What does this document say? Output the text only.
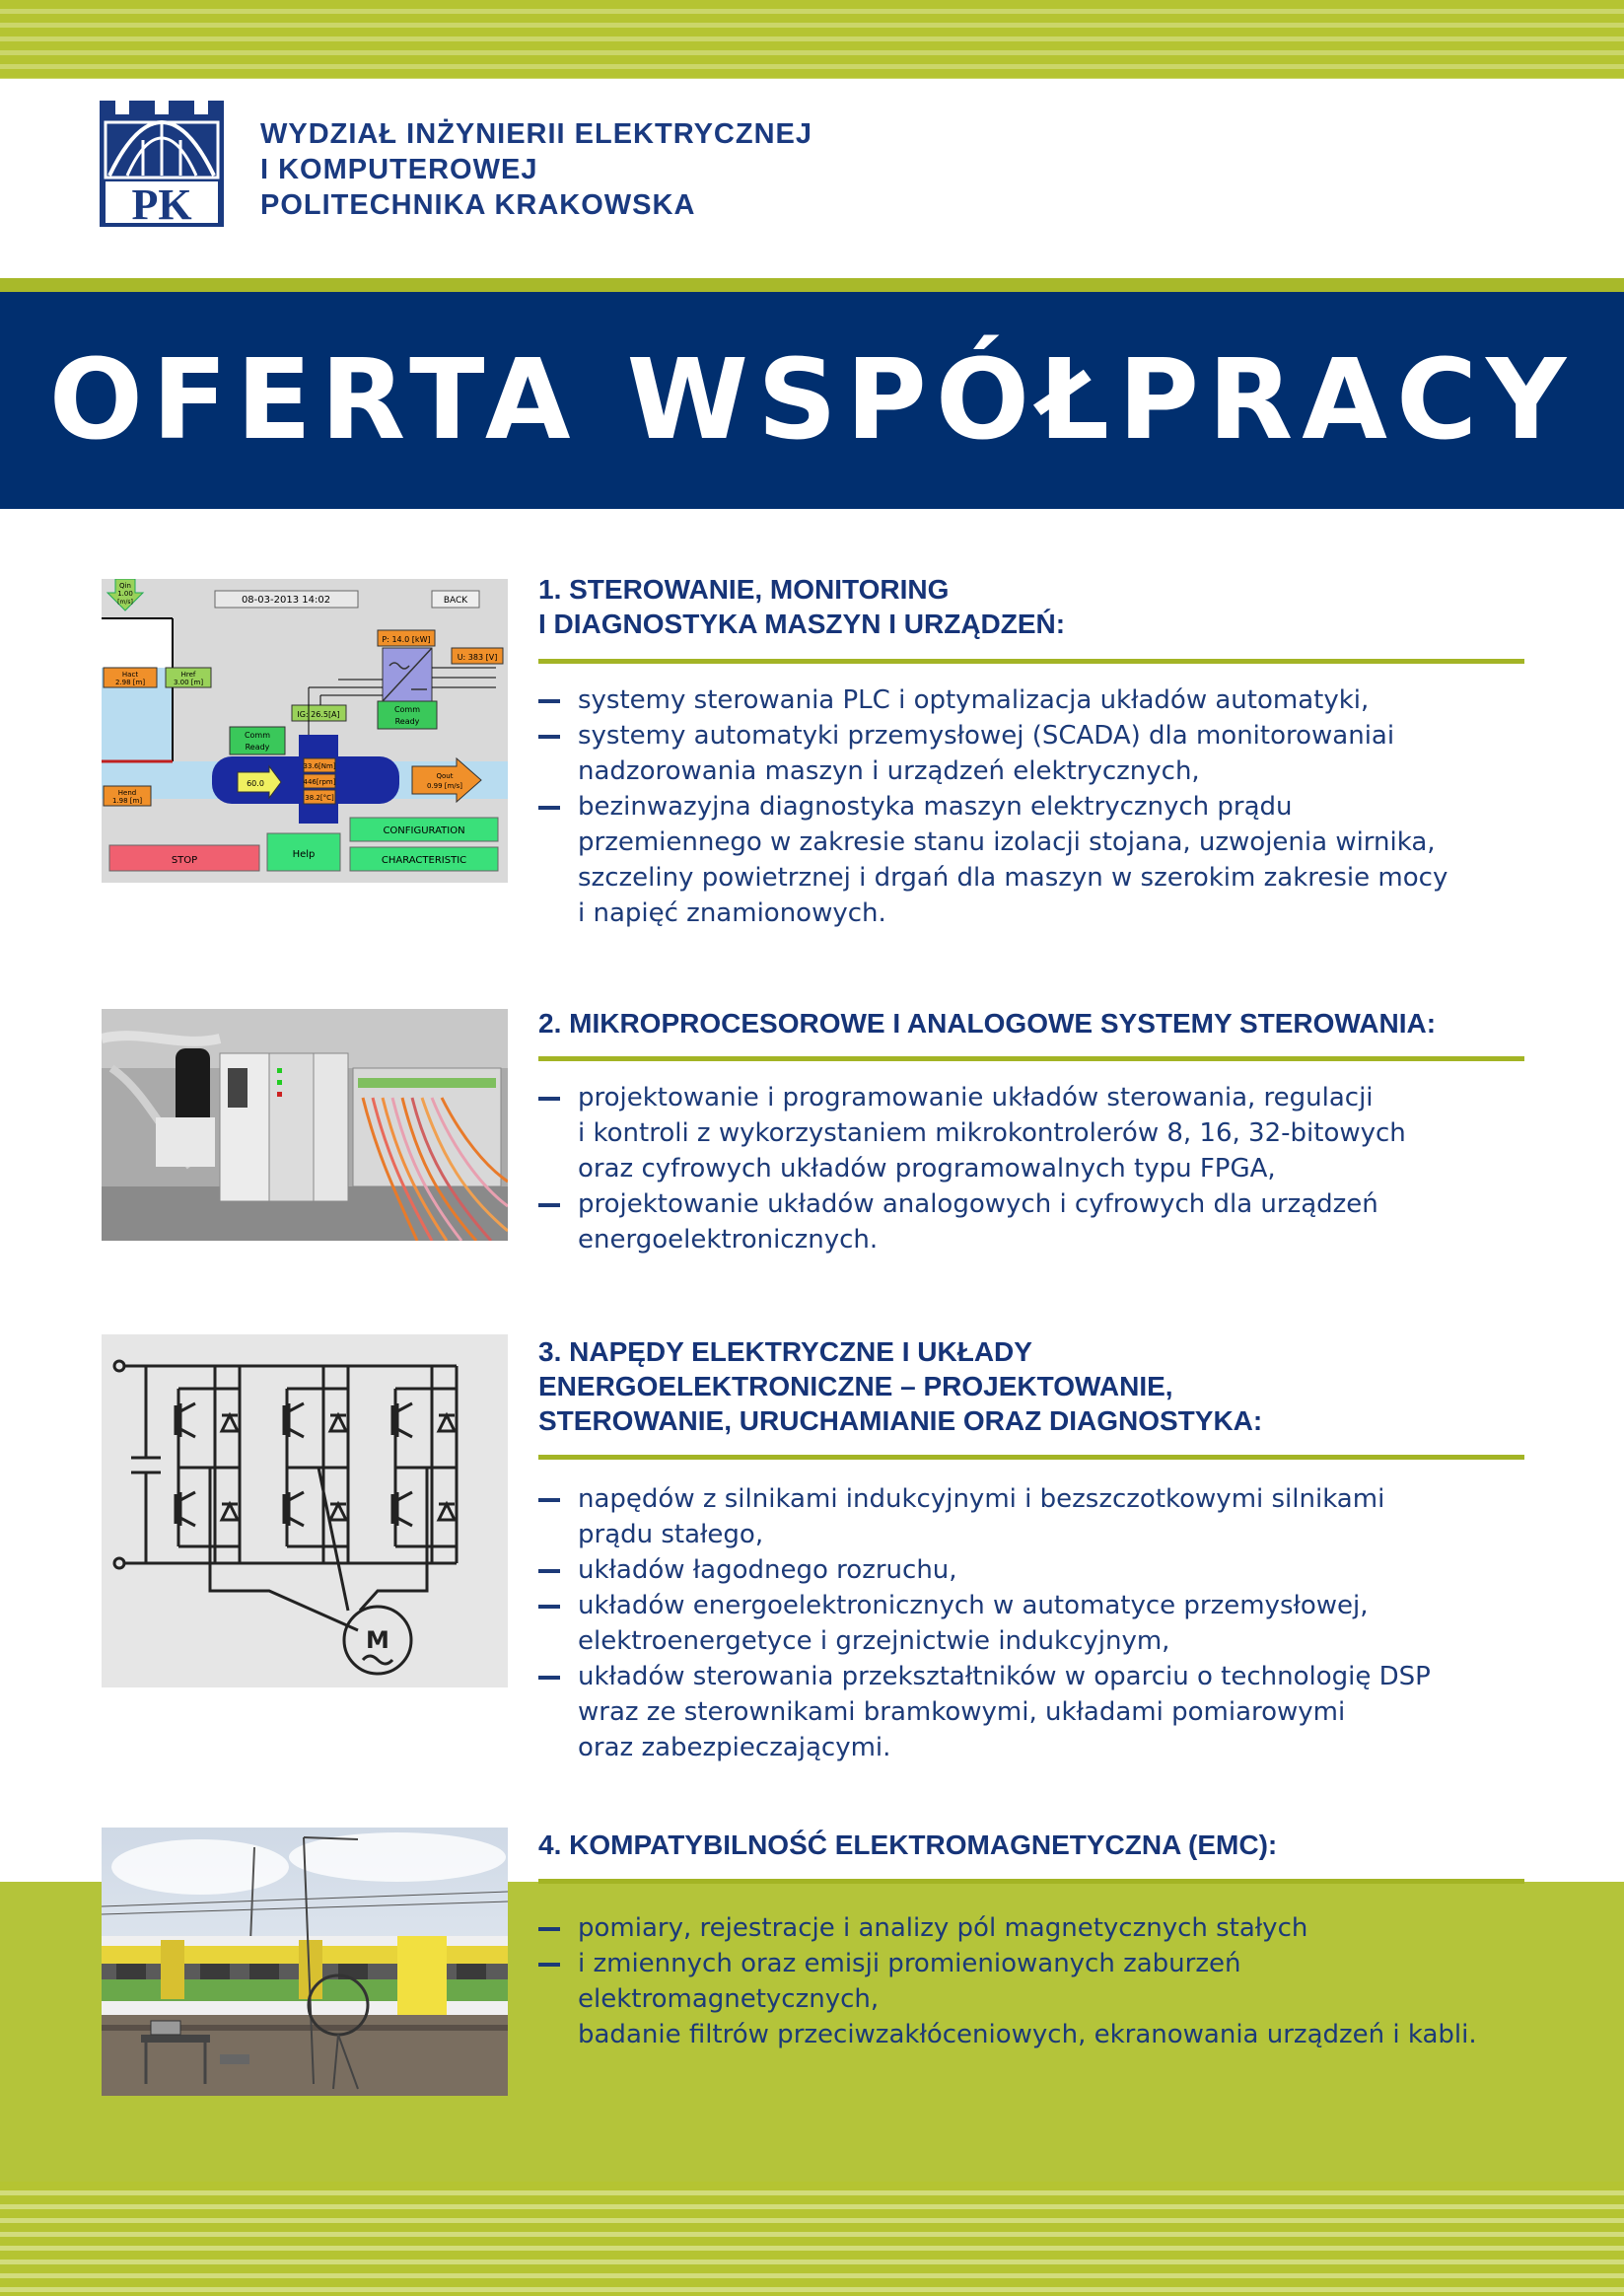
PK
WYDZIAŁ INŻYNIERII ELEKTRYCZNEJ
I KOMPUTEROWEJ
POLITECHNIKA KRAKOWSKA
OFERTA WSPÓŁPRACY
Qin
1.00
[m/s]	08-03-2013 14:02	BACK
Hact
2.98 [m]
Href
3.00 [m]
Hend
1.98 [m]
33.6[Nm]
446[rpm]
38.2[°C]
60.0
Comm
Ready
IG: 26.5[A]
P: 14.0 [kW]
U: 383 [V]
Comm
Ready
Qout
0.99 [m/s]
STOP
Help
CONFIGURATION
CHARACTERISTIC
1. STEROWANIE, MONITORING
I DIAGNOSTYKA MASZYN I URZĄDZEŃ:
systemy sterowania PLC i optymalizacja układów automatyki,
systemy automatyki przemysłowej (SCADA) dla monitorowaniai
nadzorowania maszyn i urządzeń elektrycznych,
bezinwazyjna diagnostyka maszyn elektrycznych prądu
przemiennego w zakresie stanu izolacji stojana, uzwojenia wirnika,
szczeliny powietrznej i drgań dla maszyn w szerokim zakresie mocy
i napięć znamionowych.
2. MIKROPROCESOROWE I ANALOGOWE SYSTEMY STEROWANIA:
projektowanie i programowanie układów sterowania, regulacji
i kontroli z wykorzystaniem mikrokontrolerów 8, 16, 32-bitowych
oraz cyfrowych układów programowalnych typu FPGA,
projektowanie układów analogowych i cyfrowych dla urządzeń
energoelektronicznych.
M
3. NAPĘDY ELEKTRYCZNE I UKŁADY
ENERGOELEKTRONICZNE – PROJEKTOWANIE,
STEROWANIE, URUCHAMIANIE ORAZ DIAGNOSTYKA:
napędów z silnikami indukcyjnymi i bezszczotkowymi silnikami
prądu stałego,
układów łagodnego rozruchu,
układów energoelektronicznych w automatyce przemysłowej,
elektroenergetyce i grzejnictwie indukcyjnym,
układów sterowania przekształtników w oparciu o technologię DSP
wraz ze sterownikami bramkowymi, układami pomiarowymi
oraz zabezpieczającymi.
4. KOMPATYBILNOŚĆ ELEKTROMAGNETYCZNA (EMC):
pomiary, rejestracje i analizy pól magnetycznych stałych
i zmiennych oraz emisji promieniowanych zaburzeń
elektromagnetycznych,
badanie filtrów przeciwzakłóceniowych, ekranowania urządzeń i kabli.
